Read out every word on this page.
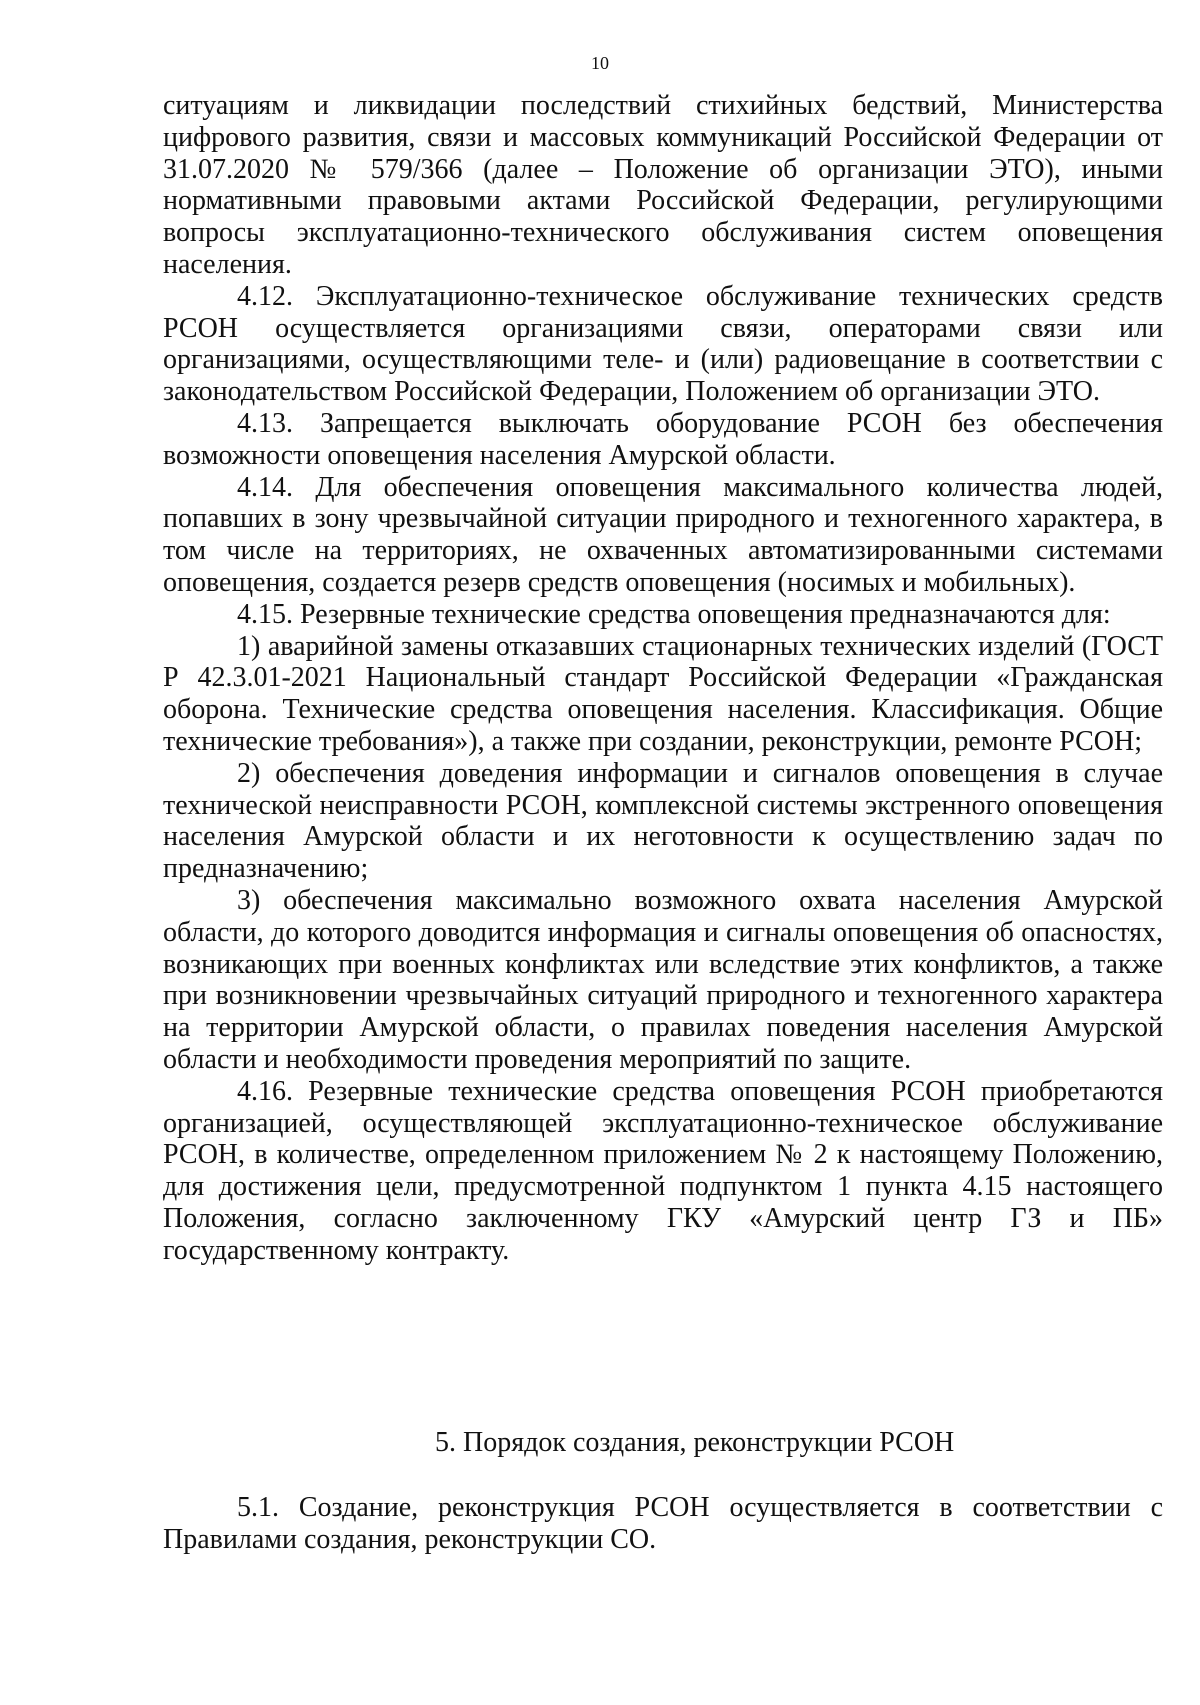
10

ситуациям и ликвидации последствий стихийных бедствий, Министерства цифрового развития, связи и массовых коммуникаций Российской Федерации от 31.07.2020 № 579/366 (далее – Положение об организации ЭТО), иными нормативными правовыми актами Российской Федерации, регулирующими вопросы эксплуатационно-технического обслуживания систем оповещения населения.

4.12. Эксплуатационно-техническое обслуживание технических средств РСОН осуществляется организациями связи, операторами связи или организациями, осуществляющими теле- и (или) радиовещание в соответствии с законодательством Российской Федерации, Положением об организации ЭТО.

4.13. Запрещается выключать оборудование РСОН без обеспечения возможности оповещения населения Амурской области.

4.14. Для обеспечения оповещения максимального количества людей, попавших в зону чрезвычайной ситуации природного и техногенного характера, в том числе на территориях, не охваченных автоматизированными системами оповещения, создается резерв средств оповещения (носимых и мобильных).

4.15. Резервные технические средства оповещения предназначаются для:

1) аварийной замены отказавших стационарных технических изделий (ГОСТ Р 42.3.01-2021 Национальный стандарт Российской Федерации «Гражданская оборона. Технические средства оповещения населения. Классификация. Общие технические требования»), а также при создании, реконструкции, ремонте РСОН;

2) обеспечения доведения информации и сигналов оповещения в случае технической неисправности РСОН, комплексной системы экстренного оповещения населения Амурской области и их неготовности к осуществлению задач по предназначению;

3) обеспечения максимально возможного охвата населения Амурской области, до которого доводится информация и сигналы оповещения об опасностях, возникающих при военных конфликтах или вследствие этих конфликтов, а также при возникновении чрезвычайных ситуаций природного и техногенного характера на территории Амурской области, о правилах поведения населения Амурской области и необходимости проведения мероприятий по защите.

4.16. Резервные технические средства оповещения РСОН приобретаются организацией, осуществляющей эксплуатационно-техническое обслуживание РСОН, в количестве, определенном приложением № 2 к настоящему Положению, для достижения цели, предусмотренной подпунктом 1 пункта 4.15 настоящего Положения, согласно заключенному ГКУ «Амурский центр ГЗ и ПБ» государственному контракту.

5. Порядок создания, реконструкции РСОН

5.1. Создание, реконструкция РСОН осуществляется в соответствии с Правилами создания, реконструкции СО.
